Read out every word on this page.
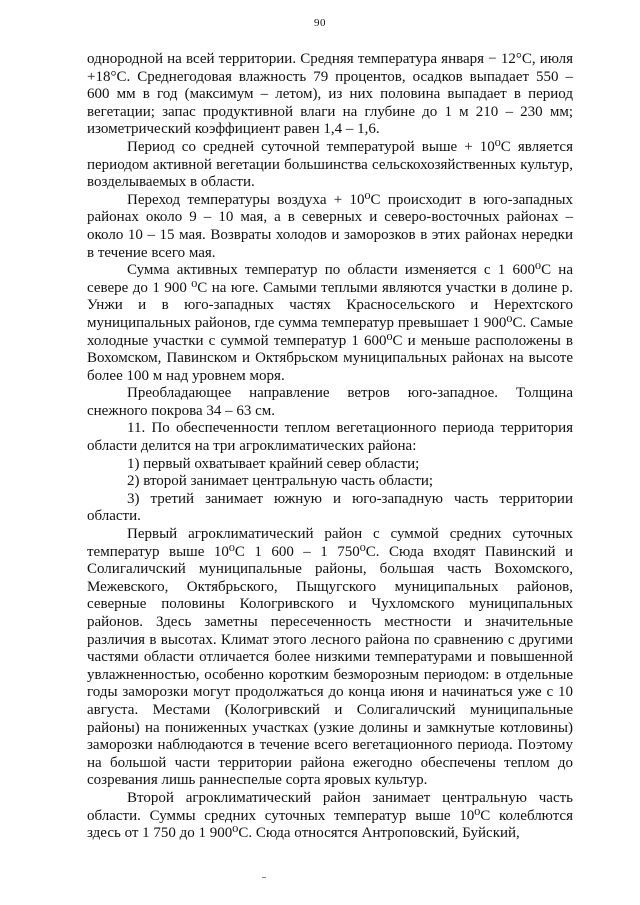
90

однородной на всей территории. Средняя температура января − 12°С, июля +18°С. Среднегодовая влажность 79 процентов, осадков выпадает 550 – 600 мм в год (максимум – летом), из них половина выпадает в период вегетации; запас продуктивной влаги на глубине до 1 м 210 – 230 мм; изометрический коэффициент равен 1,4 – 1,6.

Период со средней суточной температурой выше + 10⁰С является периодом активной вегетации большинства сельскохозяйственных культур, возделываемых в области.

Переход температуры воздуха + 10⁰С происходит в юго-западных районах около 9 – 10 мая, а в северных и северо-восточных районах – около 10 – 15 мая. Возвраты холодов и заморозков в этих районах нередки в течение всего мая.

Сумма активных температур по области изменяется с 1 600⁰С на севере до 1 900 ⁰С на юге. Самыми теплыми являются участки в долине р. Унжи и в юго-западных частях Красносельского и Нерехтского муниципальных районов, где сумма температур превышает 1 900⁰С. Самые холодные участки с суммой температур 1 600⁰С и меньше расположены в Вохомском, Павинском и Октябрьском муниципальных районах на высоте более 100 м над уровнем моря.

Преобладающее направление ветров юго-западное. Толщина снежного покрова 34 – 63 см.

11. По обеспеченности теплом вегетационного периода территория области делится на три агроклиматических района:

1) первый охватывает крайний север области;

2) второй занимает центральную часть области;

3) третий занимает южную и юго-западную часть территории области.

Первый агроклиматический район с суммой средних суточных температур выше 10⁰С 1 600 – 1 750⁰С. Сюда входят Павинский и Солигаличский муниципальные районы, большая часть Вохомского, Межевского, Октябрьского, Пыщугского муниципальных районов, северные половины Кологривского и Чухломского муниципальных районов. Здесь заметны пересеченность местности и значительные различия в высотах. Климат этого лесного района по сравнению с другими частями области отличается более низкими температурами и повышенной увлажненностью, особенно коротким безморозным периодом: в отдельные годы заморозки могут продолжаться до конца июня и начинаться уже с 10 августа. Местами (Кологривский и Солигаличский муниципальные районы) на пониженных участках (узкие долины и замкнутые котловины) заморозки наблюдаются в течение всего вегетационного периода. Поэтому на большой части территории района ежегодно обеспечены теплом до созревания лишь раннеспелые сорта яровых культур.

Второй агроклиматический район занимает центральную часть области. Суммы средних суточных температур выше 10⁰С колеблются здесь от 1 750 до 1 900⁰С. Сюда относятся Антроповский, Буйский,
